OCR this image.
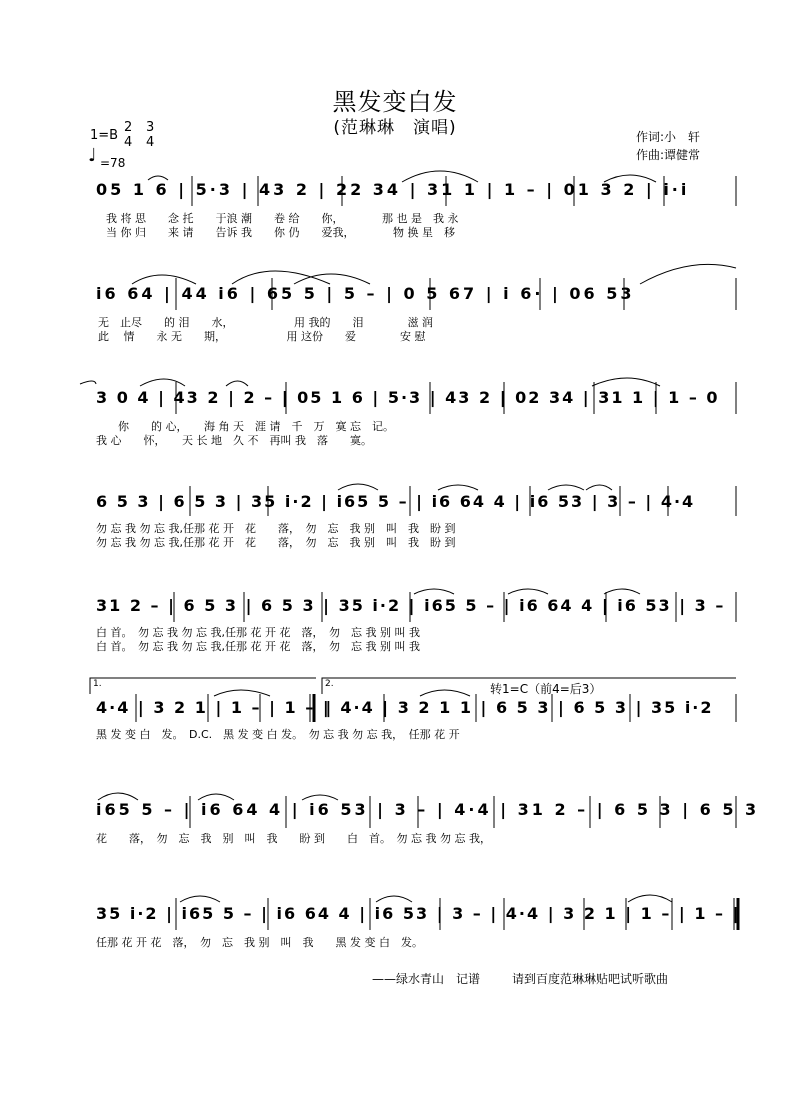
黑发变白发
(范琳琳　演唱)
1=B
2
4
3
4
♩ =78
作词:小　轩
作曲:谭健常
05 1 6 | 5·3 | 43 2 | 22 34 | 31 1 | 1 – | 01 3 2 | i·i
我 将 思　　念 托　　于浪 潮　　卷 给　　你，　　　　那 也 是　我 永
当 你 归　　来 请　　告诉 我　　你 仍　　爱我，　　　　物 换 星　移
i6 64 | 44 i6 | 65 5 | 5 – | 0 5 67 | i 6· | 06 53
无　止尽　　的 泪　　水，　　　　　　用 我的　　泪　　　　滋 润
此　 情　　永 无　　期，　　　　　　用 这份　　爱　　　　安 慰
3 0 4 | 43 2 | 2 – | 05 1 6 | 5·3 | 43 2 | 02 34 | 31 1 | 1 – 0
　　你　　的 心，　　海 角 天　涯 请　千　万　寞 忘　记。
我 心　　怀，　　天 长 地　久 不　再叫 我　落　　寞。
6 5 3 | 6 5 3 | 35 i·2 | i65 5 – | i6 64 4 | i6 53 | 3 – | 4·4
勿 忘 我 勿 忘 我,任那 花 开　花　　落，　勿　忘　我 别　叫　我　盼 到
勿 忘 我 勿 忘 我,任那 花 开　花　　落，　勿　忘　我 别　叫　我　盼 到
31 2 – | 6 5 3 | 6 5 3 | 35 i·2 | i65 5 – | i6 64 4 | i6 53 | 3 –
白 首。　勿 忘 我 勿 忘 我,任那 花 开 花　落，　勿　忘 我 别 叫 我
白 首。　勿 忘 我 勿 忘 我,任那 花 开 花　落，　勿　忘 我 别 叫 我
1.	2.	转1=C（前4=后3）
4·4 | 3 2 1 | 1 – | 1 – ‖ 4·4 | 3 2 1 1 | 6 5 3 | 6 5 3 | 35 i·2
黑 发 变 白　发。　D.C.　黑 发 变 白 发。　勿 忘 我 勿 忘 我，　任那 花 开
i65 5 – | i6 64 4 | i6 53 | 3 – | 4·4 | 31 2 – | 6 5 3 | 6 5 3
花　　落，　勿　忘　我　别　叫　我　　盼 到　　白　首。　勿 忘 我 勿 忘 我，
35 i·2 | i65 5 – | i6 64 4 | i6 53 | 3 – | 4·4 | 3 2 1 | 1 – | 1 – ‖
任那 花 开 花　落，　勿　忘　我 别　叫　我　　黑 发 变 白　发。
——绿水青山　记谱	请到百度范琳琳贴吧试听歌曲
